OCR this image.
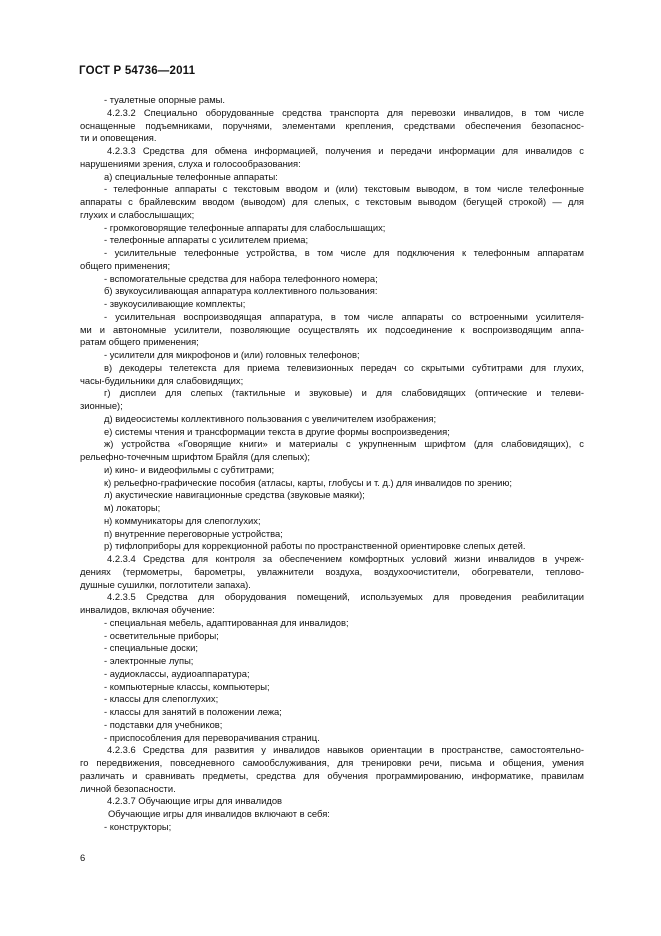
ГОСТ Р 54736—2011
- туалетные опорные рамы.
4.2.3.2 Специально оборудованные средства транспорта для перевозки инвалидов, в том числе
оснащенные подъемниками, поручнями, элементами крепления, средствами обеспечения безопаснос-
ти и оповещения.
4.2.3.3 Средства для обмена информацией, получения и передачи информации для инвалидов с
нарушениями зрения, слуха и голосообразования:
а) специальные телефонные аппараты:
- телефонные аппараты с текстовым вводом и (или) текстовым выводом, в том числе телефонные
аппараты с брайлевским вводом (выводом) для слепых, с текстовым выводом (бегущей строкой) — для
глухих и слабослышащих;
- громкоговорящие телефонные аппараты для слабослышащих;
- телефонные аппараты с усилителем приема;
- усилительные телефонные устройства, в том числе для подключения к телефонным аппаратам
общего применения;
- вспомогательные средства для набора телефонного номера;
б) звукоусиливающая аппаратура коллективного пользования:
- звукоусиливающие комплекты;
- усилительная воспроизводящая аппаратура, в том числе аппараты со встроенными усилителя-
ми и автономные усилители, позволяющие осуществлять их подсоединение к воспроизводящим аппа-
ратам общего применения;
- усилители для микрофонов и (или) головных телефонов;
в) декодеры телетекста для приема телевизионных передач со скрытыми субтитрами для глухих,
часы-будильники для слабовидящих;
г) дисплеи для слепых (тактильные и звуковые) и для слабовидящих (оптические и телеви-
зионные);
д) видеосистемы коллективного пользования с увеличителем изображения;
е) системы чтения и трансформации текста в другие формы воспроизведения;
ж) устройства «Говорящие книги» и материалы с укрупненным шрифтом (для слабовидящих), с
рельефно-точечным шрифтом Брайля (для слепых);
и) кино- и видеофильмы с субтитрами;
к) рельефно-графические пособия (атласы, карты, глобусы и т. д.) для инвалидов по зрению;
л) акустические навигационные средства (звуковые маяки);
м) локаторы;
н) коммуникаторы для слепоглухих;
п) внутренние переговорные устройства;
р) тифлоприборы для коррекционной работы по пространственной ориентировке слепых детей.
4.2.3.4 Средства для контроля за обеспечением комфортных условий жизни инвалидов в учреж-
дениях (термометры, барометры, увлажнители воздуха, воздухоочистители, обогреватели, теплово-
душные сушилки, поглотители запаха).
4.2.3.5 Средства для оборудования помещений, используемых для проведения реабилитации
инвалидов, включая обучение:
- специальная мебель, адаптированная для инвалидов;
- осветительные приборы;
- специальные доски;
- электронные лупы;
- аудиоклассы, аудиоаппаратура;
- компьютерные классы, компьютеры;
- классы для слепоглухих;
- классы для занятий в положении лежа;
- подставки для учебников;
- приспособления для переворачивания страниц.
4.2.3.6 Средства для развития у инвалидов навыков ориентации в пространстве, самостоятельно-
го передвижения, повседневного самообслуживания, для тренировки речи, письма и общения, умения
различать и сравнивать предметы, средства для обучения программированию, информатике, правилам
личной безопасности.
4.2.3.7 Обучающие игры для инвалидов
Обучающие игры для инвалидов включают в себя:
- конструкторы;
6
